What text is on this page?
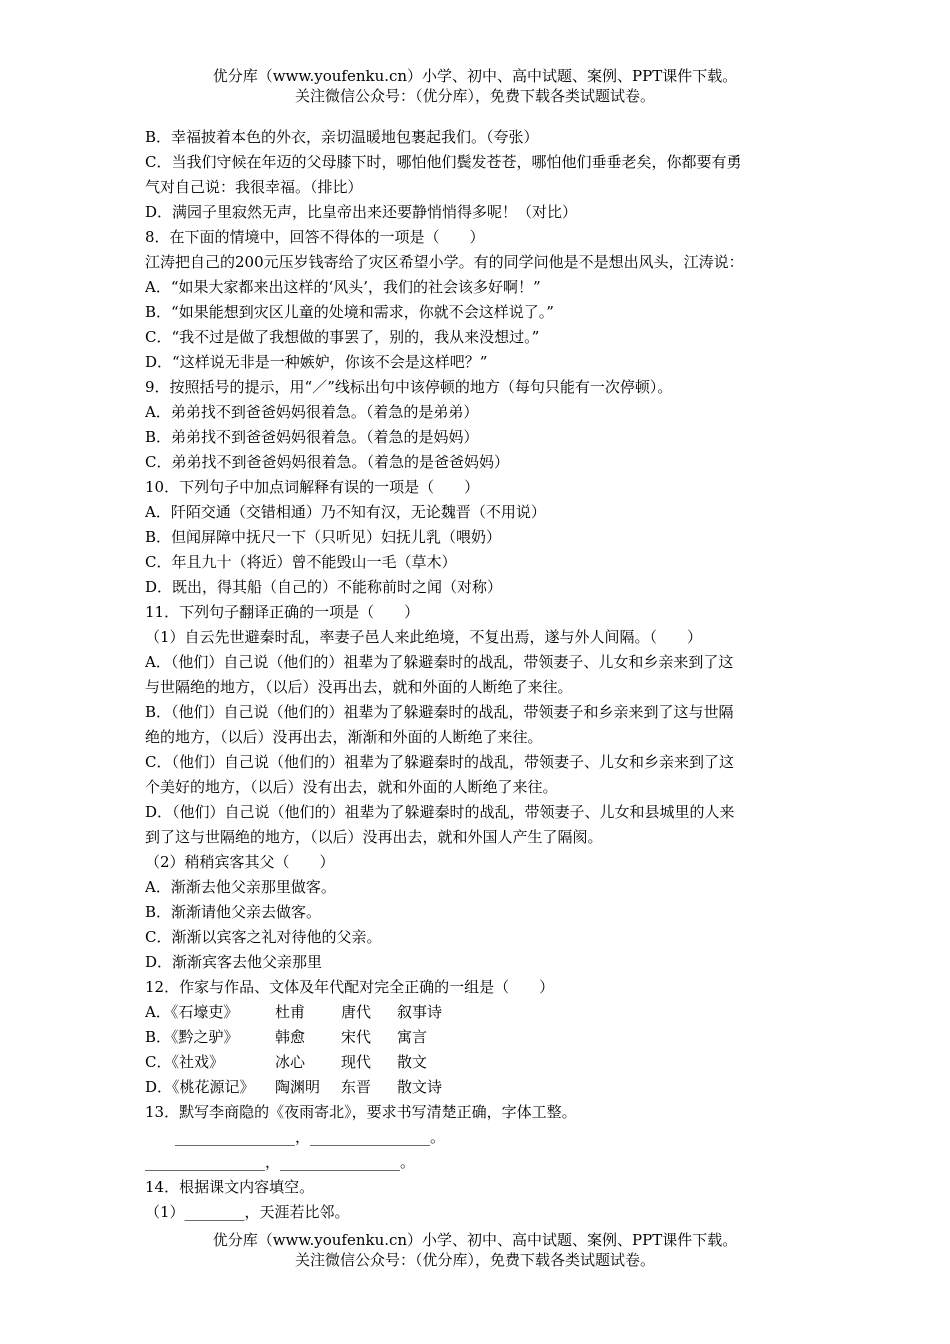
优分库（www.youfenku.cn）小学、初中、高中试题、案例、PPT课件下载。
关注微信公众号：（优分库），免费下载各类试题试卷。
B．幸福披着本色的外衣，亲切温暖地包裹起我们。（夸张）
C．当我们守候在年迈的父母膝下时，哪怕他们鬓发苍苍，哪怕他们垂垂老矣，你都要有勇
气对自己说：我很幸福。（排比）
D．满园子里寂然无声，比皇帝出来还要静悄悄得多呢！（对比）
8．在下面的情境中，回答不得体的一项是（　　）
江涛把自己的200元压岁钱寄给了灾区希望小学。有的同学问他是不是想出风头，江涛说：
A．“如果大家都来出这样的‘风头’，我们的社会该多好啊！”
B．“如果能想到灾区儿童的处境和需求，你就不会这样说了。”
C．“我不过是做了我想做的事罢了，别的，我从来没想过。”
D．“这样说无非是一种嫉妒，你该不会是这样吧？”
9．按照括号的提示，用“／”线标出句中该停顿的地方（每句只能有一次停顿）。
A．弟弟找不到爸爸妈妈很着急。（着急的是弟弟）
B．弟弟找不到爸爸妈妈很着急。（着急的是妈妈）
C．弟弟找不到爸爸妈妈很着急。（着急的是爸爸妈妈）
10．下列句子中加点词解释有误的一项是（　　）
A．阡陌交通（交错相通）乃不知有汉，无论魏晋（不用说）
B．但闻屏障中抚尺一下（只听见）妇抚儿乳（喂奶）
C．年且九十（将近）曾不能毁山一毛（草木）
D．既出，得其船（自己的）不能称前时之闻（对称）
11．下列句子翻译正确的一项是（　　）
（1）自云先世避秦时乱，率妻子邑人来此绝境，不复出焉，遂与外人间隔。（　　）
A．（他们）自己说（他们的）祖辈为了躲避秦时的战乱，带领妻子、儿女和乡亲来到了这
与世隔绝的地方，（以后）没再出去，就和外面的人断绝了来往。
B．（他们）自己说（他们的）祖辈为了躲避秦时的战乱，带领妻子和乡亲来到了这与世隔
绝的地方，（以后）没再出去，渐渐和外面的人断绝了来往。
C．（他们）自己说（他们的）祖辈为了躲避秦时的战乱，带领妻子、儿女和乡亲来到了这
个美好的地方，（以后）没有出去，就和外面的人断绝了来往。
D．（他们）自己说（他们的）祖辈为了躲避秦时的战乱，带领妻子、儿女和县城里的人来
到了这与世隔绝的地方，（以后）没再出去，就和外国人产生了隔阂。
（2）稍稍宾客其父（　　）
A．渐渐去他父亲那里做客。
B．渐渐请他父亲去做客。
C．渐渐以宾客之礼对待他的父亲。
D．渐渐宾客去他父亲那里
12．作家与作品、文体及年代配对完全正确的一组是（　　）
A．《石壕吏》 杜甫 唐代 叙事诗
B．《黔之驴》 韩愈 宋代 寓言
C．《社戏》	冰心 现代 散文
D．《桃花源记》 陶渊明 东晋 散文诗
13．默写李商隐的《夜雨寄北》，要求书写清楚正确，字体工整。
　　________________，________________。
________________，________________。
14．根据课文内容填空。
（1）________，天涯若比邻。
优分库（www.youfenku.cn）小学、初中、高中试题、案例、PPT课件下载。
关注微信公众号：（优分库），免费下载各类试题试卷。
